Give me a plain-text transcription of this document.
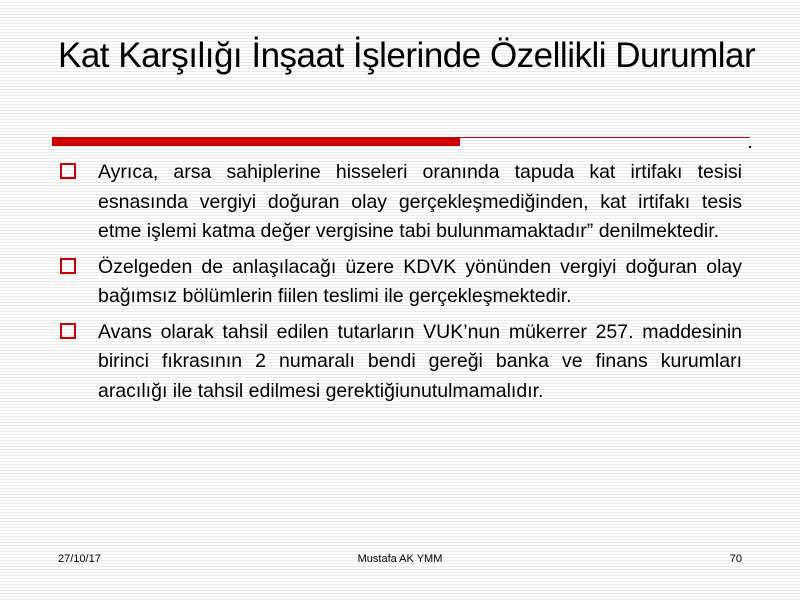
Kat Karşılığı İnşaat İşlerinde Özellikli Durumlar
Ayrıca, arsa sahiplerine hisseleri oranında tapuda kat irtifakı tesisi esnasında vergiyi doğuran olay gerçekleşmediğinden, kat irtifakı tesis etme işlemi katma değer vergisine tabi bulunmamaktadır” denilmektedir.
Özelgeden de anlaşılacağı üzere KDVK yönünden vergiyi doğuran olay bağımsız bölümlerin fiilen teslimi ile gerçekleşmektedir.
Avans olarak tahsil edilen tutarların VUK’nun mükerrer 257. maddesinin birinci fıkrasının 2 numaralı bendi gereği banka ve finans kurumları aracılığı ile tahsil edilmesi gerektiğiunutulmamalıdır.
27/10/17	Mustafa AK YMM	70
